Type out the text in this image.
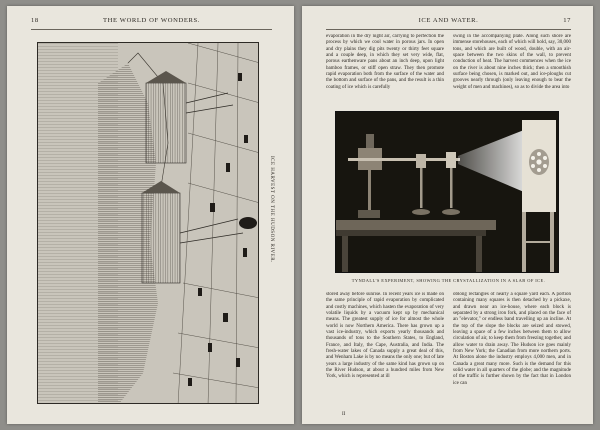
18	THE WORLD OF WONDERS.
ICE HARVEST ON THE HUDSON RIVER.
ICE AND WATER.	17

evaporation in the dry night air, carrying to perfection the process by which we cool water in porous jars. In open and dry plains they dig pits twenty or thirty feet square and a couple deep, in which they set very wide, flat, porous earthenware pans about an inch deep, upon light bamboo frames, or stiff open straw. They then promote rapid evaporation both from the surface of the water and the bottom and surface of the pans, and the result is a thin coating of ice which is carefully

swing in the accompanying plate. Along such shore are immense storehouses, each of which will hold, say, 30,000 tons, and which are built of wood, double, with an air-space between the two skins of the wall, to prevent conduction of heat. The harvest commences when the ice on the river is about nine inches thick; then a smoothish surface being chosen, is marked out, and ice-ploughs cut grooves nearly through (only leaving enough to bear the weight of men and machines), so as to divide the area into

TYNDALL'S EXPERIMENT, SHOWING THE CRYSTALLIZATION IN A SLAB OF ICE.

stored away before sunrise. In recent years ice is made on the same principle of rapid evaporation by complicated and costly machines, which hasten the evaporation of very volatile liquids by a vacuum kept up by mechanical means. The greatest supply of ice for almost the whole world is now Northern America. There has grown up a vast ice-industry, which exports yearly thousands and thousands of tons to the Southern States, to England, France, and Italy, the Cape, Australia, and India. The fresh-water lakes of Canada supply a great deal of this, and Wenham Lake is by no means the only one; but of late years a large industry of the same kind has grown up on the River Hudson, at about a hundred miles from New York, which is represented at ill

oblong rectangles of nearly a square yard each. A portion containing many squares is then detached by a pickaxe, and drawn near an ice-house, where each block is separated by a strong iron fork, and placed on the face of an "elevator," or endless band travelling up an incline. At the top of the slope the blocks are seized and stowed, leaving a space of a few inches between them to allow circulation of air, to keep them from freezing together, and allow water to drain away. The Hudson ice goes mainly from New York; the Canadian from more northern ports. At Boston alone the industry employs 4,000 men, and in Canada a great many more. Such is the demand for this solid water in all quarters of the globe; and the magnitude of the traffic is further shown by the fact that in London ice can

II
